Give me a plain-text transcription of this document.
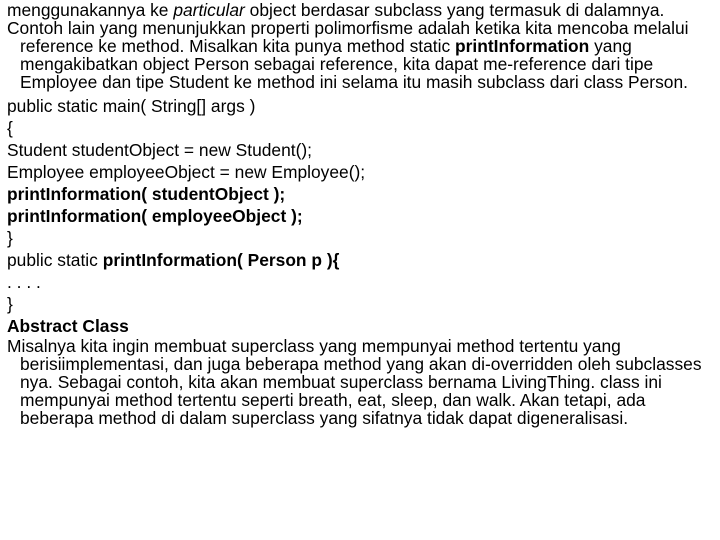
menggunakannya ke particular object berdasar subclass yang termasuk di dalamnya.

Contoh lain yang menunjukkan properti polimorfisme adalah ketika kita mencoba melalui reference ke method. Misalkan kita punya method static printInformation yang mengakibatkan object Person sebagai reference, kita dapat me-reference dari tipe Employee dan tipe Student ke method ini selama itu masih subclass dari class Person.

public static main( String[] args )

{

Student studentObject = new Student();

Employee employeeObject = new Employee();

printInformation( studentObject );

printInformation( employeeObject );

}

public static printInformation( Person p ){

. . . .

}

Abstract Class

Misalnya kita ingin membuat superclass yang mempunyai method tertentu yang berisiimplementasi, dan juga beberapa method yang akan di-overridden oleh subclasses nya. Sebagai contoh, kita akan membuat superclass bernama LivingThing. class ini mempunyai method tertentu seperti breath, eat, sleep, dan walk. Akan tetapi, ada beberapa method di dalam superclass yang sifatnya tidak dapat digeneralisasi.
